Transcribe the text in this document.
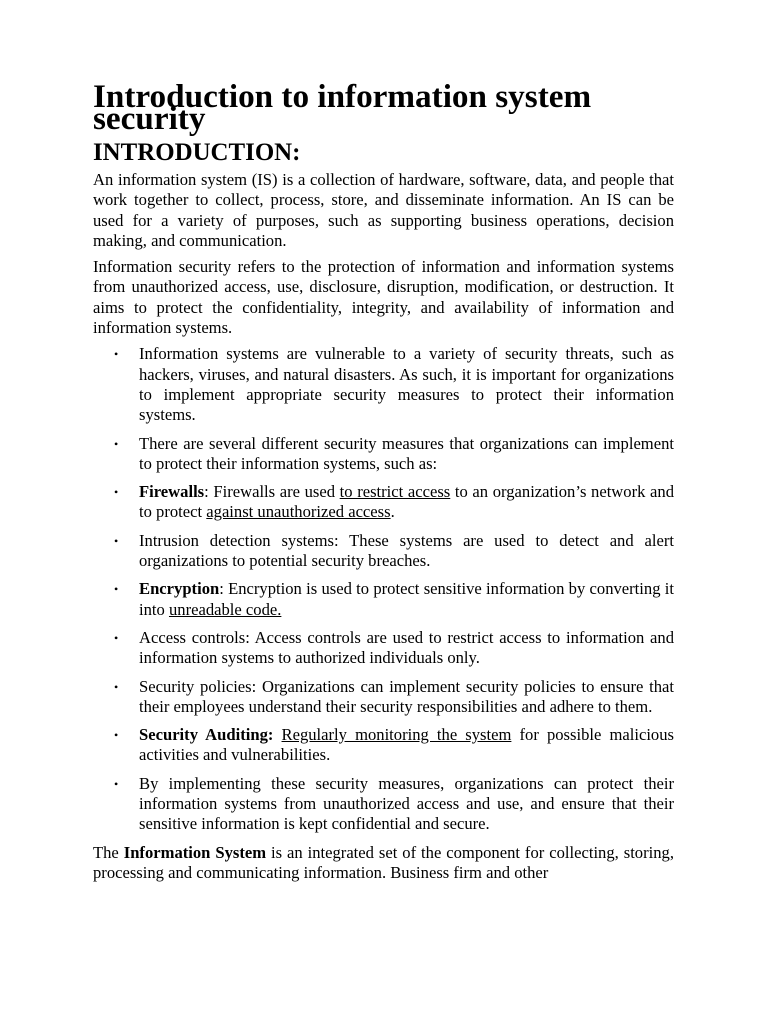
Introduction to information system security
INTRODUCTION:

An information system (IS) is a collection of hardware, software, data, and people that work together to collect, process, store, and disseminate information. An IS can be used for a variety of purposes, such as supporting business operations, decision making, and communication.

Information security refers to the protection of information and information systems from unauthorized access, use, disclosure, disruption, modification, or destruction. It aims to protect the confidentiality, integrity, and availability of information and information systems.

• Information systems are vulnerable to a variety of security threats, such as hackers, viruses, and natural disasters. As such, it is important for organizations to implement appropriate security measures to protect their information systems.
• There are several different security measures that organizations can implement to protect their information systems, such as:
• Firewalls: Firewalls are used to restrict access to an organization’s network and to protect against unauthorized access.
• Intrusion detection systems: These systems are used to detect and alert organizations to potential security breaches.
• Encryption: Encryption is used to protect sensitive information by converting it into unreadable code.
• Access controls: Access controls are used to restrict access to information and information systems to authorized individuals only.
• Security policies: Organizations can implement security policies to ensure that their employees understand their security responsibilities and adhere to them.
• Security Auditing: Regularly monitoring the system for possible malicious activities and vulnerabilities.
• By implementing these security measures, organizations can protect their information systems from unauthorized access and use, and ensure that their sensitive information is kept confidential and secure.

The Information System is an integrated set of the component for collecting, storing, processing and communicating information. Business firm and other
